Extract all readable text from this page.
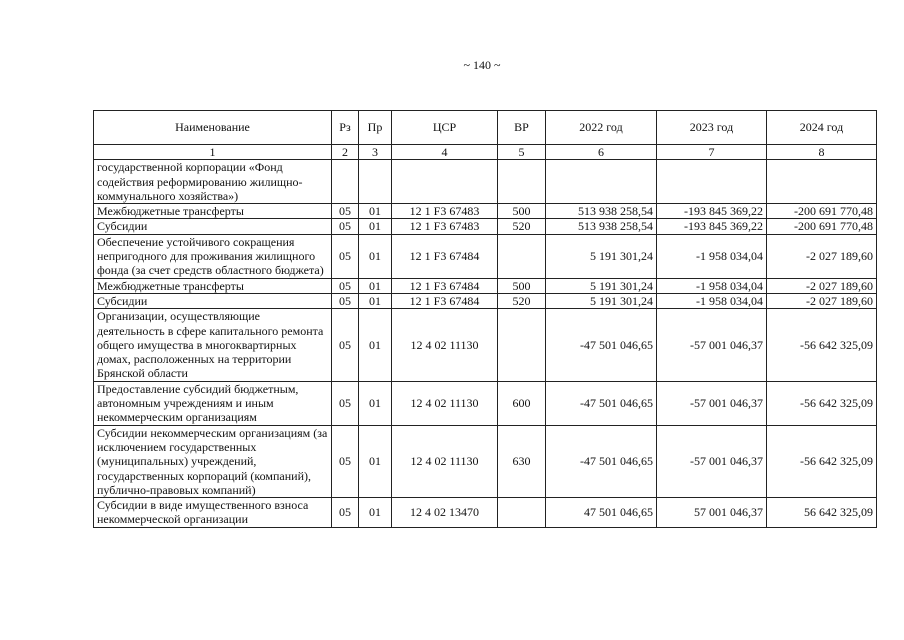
~ 140 ~
Наименование	Рз	Пр	ЦСР	ВР	2022 год	2023 год	2024 год
1	2	3	4	5	6	7	8
государственной корпорации «Фонд содействия реформированию жилищно-коммунального хозяйства»)							
Межбюджетные трансферты	05	01	12 1 F3 67483	500	513 938 258,54	-193 845 369,22	-200 691 770,48
Субсидии	05	01	12 1 F3 67483	520	513 938 258,54	-193 845 369,22	-200 691 770,48
Обеспечение устойчивого сокращения непригодного для проживания жилищного фонда (за счет средств областного бюджета)	05	01	12 1 F3 67484		5 191 301,24	-1 958 034,04	-2 027 189,60
Межбюджетные трансферты	05	01	12 1 F3 67484	500	5 191 301,24	-1 958 034,04	-2 027 189,60
Субсидии	05	01	12 1 F3 67484	520	5 191 301,24	-1 958 034,04	-2 027 189,60
Организации, осуществляющие деятельность в сфере капитального ремонта общего имущества в многоквартирных домах, расположенных на территории Брянской области	05	01	12 4 02 11130		-47 501 046,65	-57 001 046,37	-56 642 325,09
Предоставление субсидий бюджетным, автономным учреждениям и иным некоммерческим организациям	05	01	12 4 02 11130	600	-47 501 046,65	-57 001 046,37	-56 642 325,09
Субсидии некоммерческим организациям (за исключением государственных (муниципальных) учреждений, государственных корпораций (компаний), публично-правовых компаний)	05	01	12 4 02 11130	630	-47 501 046,65	-57 001 046,37	-56 642 325,09
Субсидии в виде имущественного взноса некоммерческой организации	05	01	12 4 02 13470		47 501 046,65	57 001 046,37	56 642 325,09
